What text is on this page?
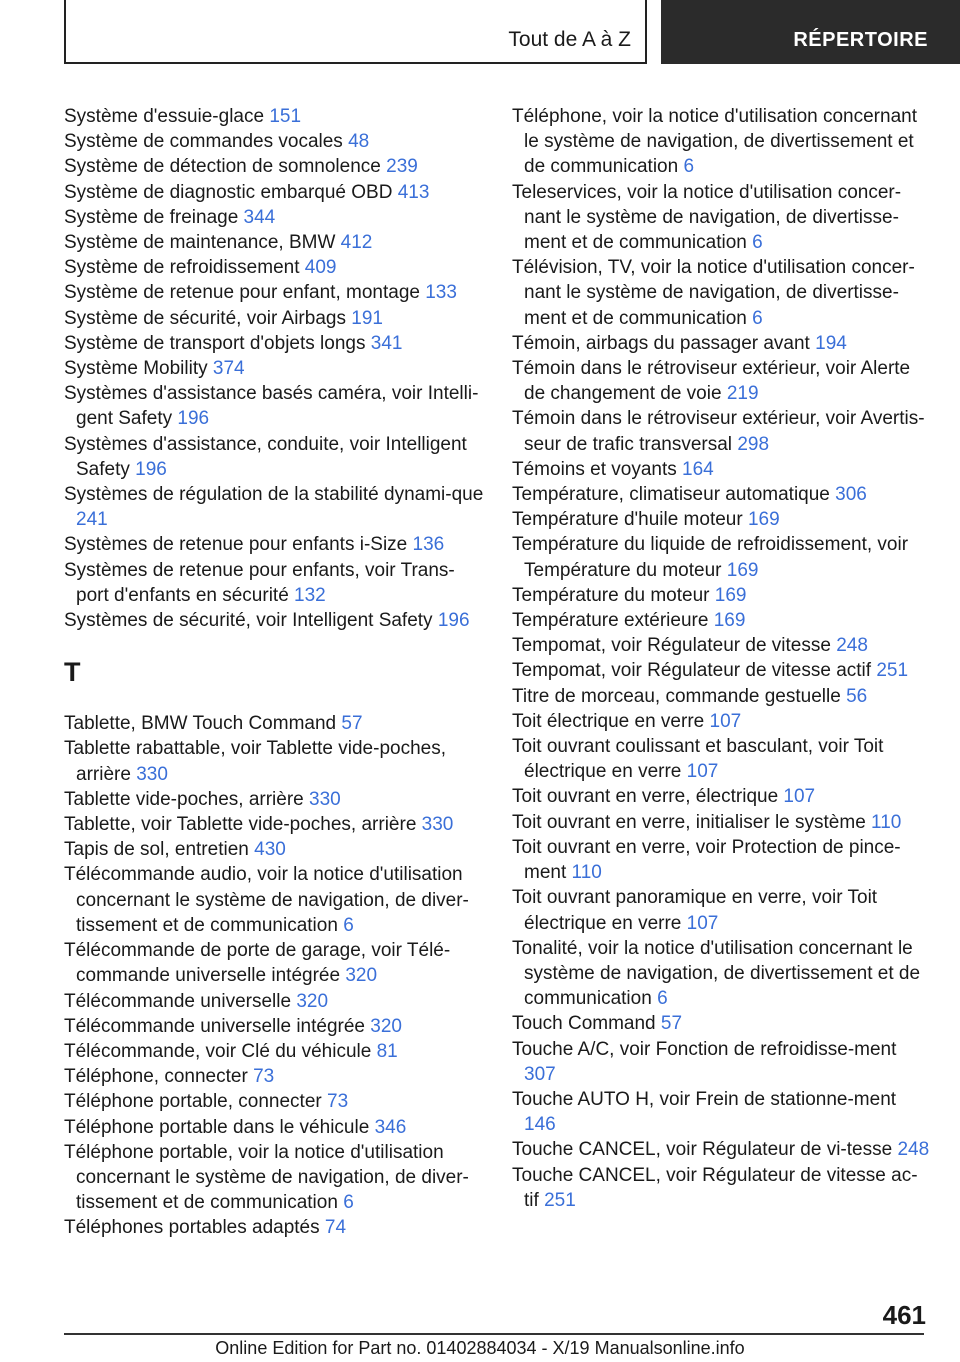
Tout de A à Z	RÉPERTOIRE
Système d'essuie-glace 151
Système de commandes vocales 48
Système de détection de somnolence 239
Système de diagnostic embarqué OBD 413
Système de freinage 344
Système de maintenance, BMW 412
Système de refroidissement 409
Système de retenue pour enfant, montage 133
Système de sécurité, voir Airbags 191
Système de transport d'objets longs 341
Système Mobility 374
Systèmes d'assistance basés caméra, voir Intelli-gent Safety 196
Systèmes d'assistance, conduite, voir Intelligent Safety 196
Systèmes de régulation de la stabilité dynami-que 241
Systèmes de retenue pour enfants i-Size 136
Systèmes de retenue pour enfants, voir Trans-port d'enfants en sécurité 132
Systèmes de sécurité, voir Intelligent Safety 196
T
Tablette, BMW Touch Command 57
Tablette rabattable, voir Tablette vide-poches, arrière 330
Tablette vide-poches, arrière 330
Tablette, voir Tablette vide-poches, arrière 330
Tapis de sol, entretien 430
Télécommande audio, voir la notice d'utilisation concernant le système de navigation, de diver-tissement et de communication 6
Télécommande de porte de garage, voir Télé-commande universelle intégrée 320
Télécommande universelle 320
Télécommande universelle intégrée 320
Télécommande, voir Clé du véhicule 81
Téléphone, connecter 73
Téléphone portable, connecter 73
Téléphone portable dans le véhicule 346
Téléphone portable, voir la notice d'utilisation concernant le système de navigation, de diver-tissement et de communication 6
Téléphones portables adaptés 74
Téléphone, voir la notice d'utilisation concernant le système de navigation, de divertissement et de communication 6
Teleservices, voir la notice d'utilisation concer-nant le système de navigation, de divertisse-ment et de communication 6
Télévision, TV, voir la notice d'utilisation concer-nant le système de navigation, de divertisse-ment et de communication 6
Témoin, airbags du passager avant 194
Témoin dans le rétroviseur extérieur, voir Alerte de changement de voie 219
Témoin dans le rétroviseur extérieur, voir Avertis-seur de trafic transversal 298
Témoins et voyants 164
Température, climatiseur automatique 306
Température d'huile moteur 169
Température du liquide de refroidissement, voir Température du moteur 169
Température du moteur 169
Température extérieure 169
Tempomat, voir Régulateur de vitesse 248
Tempomat, voir Régulateur de vitesse actif 251
Titre de morceau, commande gestuelle 56
Toit électrique en verre 107
Toit ouvrant coulissant et basculant, voir Toit électrique en verre 107
Toit ouvrant en verre, électrique 107
Toit ouvrant en verre, initialiser le système 110
Toit ouvrant en verre, voir Protection de pince-ment 110
Toit ouvrant panoramique en verre, voir Toit électrique en verre 107
Tonalité, voir la notice d'utilisation concernant le système de navigation, de divertissement et de communication 6
Touch Command 57
Touche A/C, voir Fonction de refroidisse-ment 307
Touche AUTO H, voir Frein de stationne-ment 146
Touche CANCEL, voir Régulateur de vi-tesse 248
Touche CANCEL, voir Régulateur de vitesse ac-tif 251
461
Online Edition for Part no. 01402884034 - X/19 Manualsonline.info
